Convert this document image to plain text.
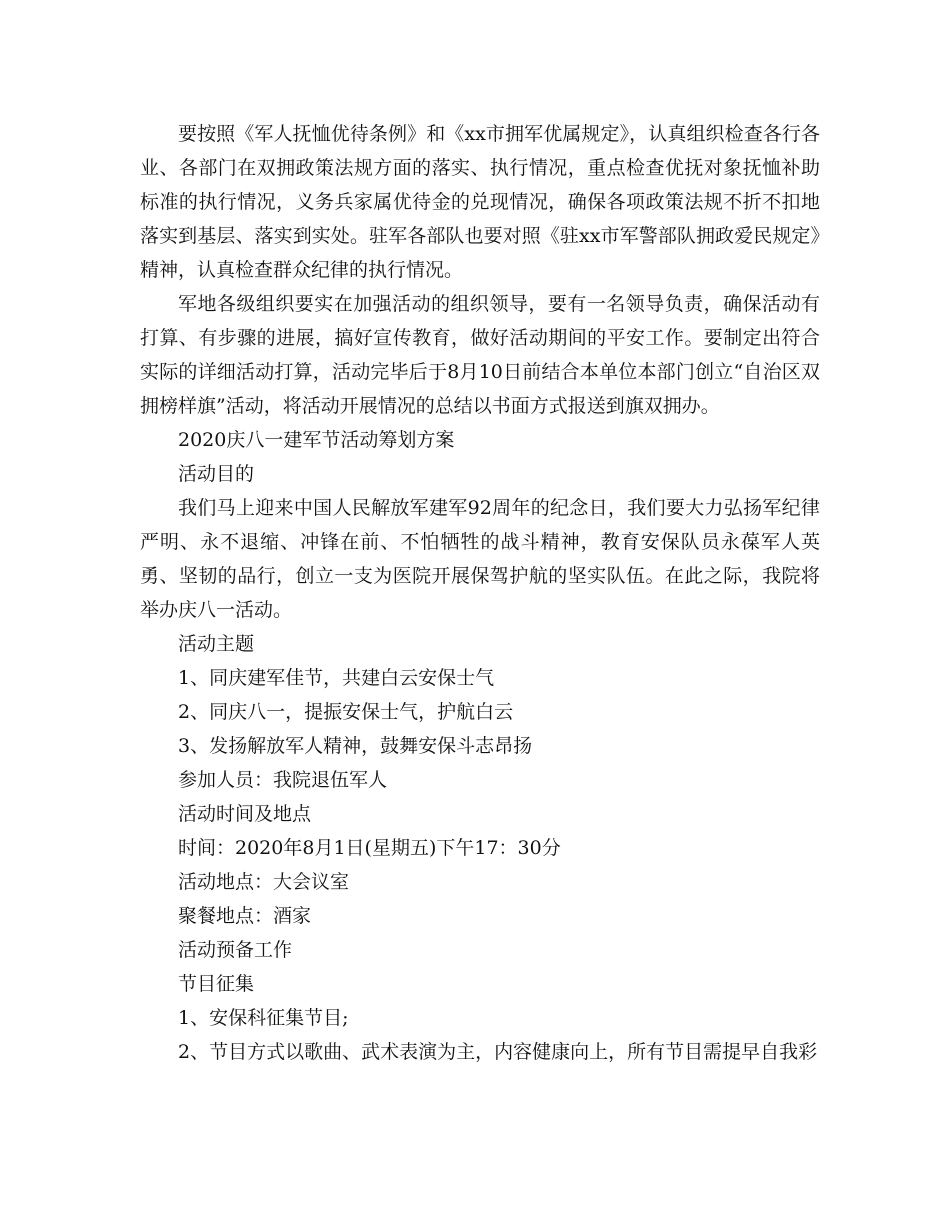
要按照《军人抚恤优待条例》和《xx市拥军优属规定》，认真组织检查各行各业、各部门在双拥政策法规方面的落实、执行情况，重点检查优抚对象抚恤补助标准的执行情况，义务兵家属优待金的兑现情况，确保各项政策法规不折不扣地落实到基层、落实到实处。驻军各部队也要对照《驻xx市军警部队拥政爱民规定》精神，认真检查群众纪律的执行情况。

军地各级组织要实在加强活动的组织领导，要有一名领导负责，确保活动有打算、有步骤的进展，搞好宣传教育，做好活动期间的平安工作。要制定出符合实际的详细活动打算，活动完毕后于8月10日前结合本单位本部门创立“自治区双拥榜样旗”活动，将活动开展情况的总结以书面方式报送到旗双拥办。

2020庆八一建军节活动筹划方案

活动目的

我们马上迎来中国人民解放军建军92周年的纪念日，我们要大力弘扬军纪律严明、永不退缩、冲锋在前、不怕牺牲的战斗精神，教育安保队员永葆军人英勇、坚韧的品行，创立一支为医院开展保驾护航的坚实队伍。在此之际，我院将举办庆八一活动。

活动主题

1、同庆建军佳节，共建白云安保士气

2、同庆八一，提振安保士气，护航白云

3、发扬解放军人精神，鼓舞安保斗志昂扬

参加人员：我院退伍军人

活动时间及地点

时间：2020年8月1日(星期五)下午17：30分

活动地点：大会议室

聚餐地点：酒家

活动预备工作

节目征集

1、安保科征集节目;

2、节目方式以歌曲、武术表演为主，内容健康向上，所有节目需提早自我彩
